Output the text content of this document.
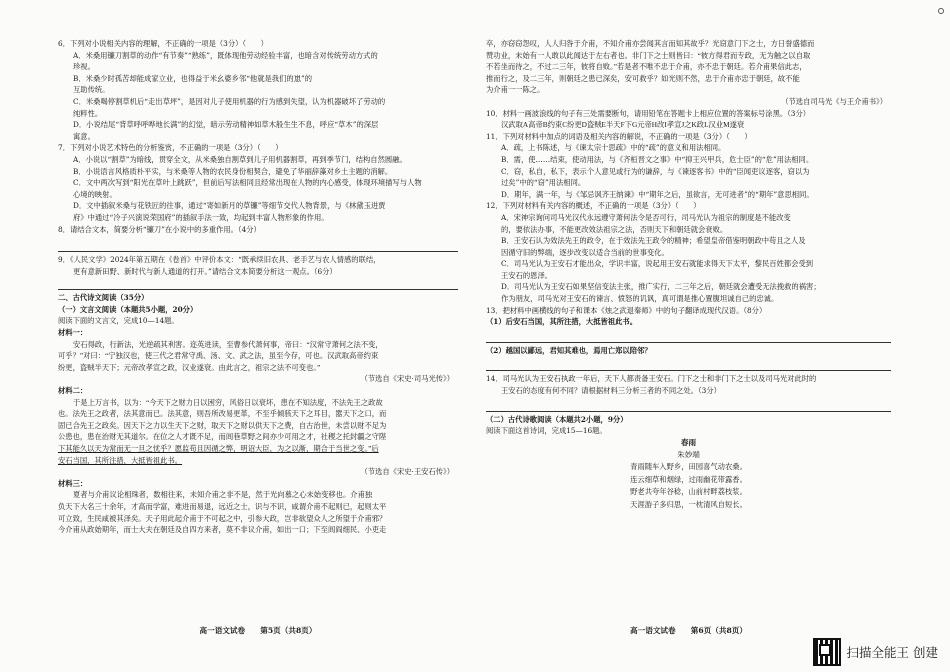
6．下列对小说相关内容的理解，不正确的一项是（3分）（　　）
A．米桑用镰刀割草的动作“有节奏”“熟练”，既体现他劳动经验丰富，也暗含对传统劳动方式的
珍视。
B．米桑少时孤苦却能成家立业，也得益于米幺婆乡邻“他就是我们的崽”的
互助传统。
C．米桑喝停割草机后“走出草坪”，是因对儿子使用机器的行为感到失望，认为机器破坏了劳动的
纯粹性。
D．小说结尾“背草呼呼哗地长满”的幻觉，暗示劳动精神如草木般生生不息，呼应“草木”的深层
寓意。
7．下列对小说艺术特色的分析鉴赏，不正确的一项是（3分）（　　）
A．小说以“割草”为暗线，贯穿全文，从米桑独自割草到儿子用机器割草，再到季节门，结构自然圆融。
B．小说语言风格质朴平实，与米桑等人物的农民身份相契合，避免了华丽辞藻对乡土主题的消解。
C．文中两次写到“阳光在草叶上跳跃”，但前后写法相同且经常出现在人物的内心感受，体现环境描写与人物
心境的映射。
D．文中插叙米桑与花铁匠的往事，通过“寄如新月的草镰”等细节交代人物背景，与《林黛玉进贾
府》中通过“冷子兴演说荣国府”的插叙手法一致，均起到丰富人物形象的作用。
8．请结合文本，简要分析“镰刀”在小说中的多重作用。（4分）
9．《人民文学》2024年第五期在《卷首》中评价本文：“既承续旧农具、老手艺与农人情感的联结，
更有意新田野、新时代与新人通道的打开。”请结合文本简要分析这一观点。（6分）
二、古代诗文阅读（35分）
（一）文言文阅读（本题共5小题，20分）
阅读下面的文言文，完成10—14题。
材料一：
安石得政，行新法，光逆疏其利害。迩英进读，至曹参代萧何事，帝曰：“汉常守萧何之法不变，
可乎？”对曰：“宁独汉也，使三代之君常守禹、汤、文、武之法，虽至今存，可也。汉武取高帝约束
纷更，盗贼半天下；元帝改孝宣之政，汉业遂衰。由此言之，祖宗之法不可变也。”
（节选自《宋史·司马光传》）
材料二：
于是上万言书，以为：“今天下之财力日以困穷，风俗日以衰坏，患在不知法度，不法先王之政故
也。法先王之政者，法其意而已。法其意，则吾所改易更革，不至乎倾骇天下之耳目，嚣天下之口，而
固已合先王之政矣。因天下之力以生天下之财，取天下之财以供天下之费，自古治世，未尝以财不足为
公患也，患在治财无其道尔。在位之人才既不足，而闾巷草野之间亦少可用之才，社稷之托封疆之守陛
下其能久以天为常而无一旦之忧乎？愿监苟且因循之弊，明诏大臣，为之以渐，期合于当世之变。”后
安石当国，其所注措，大抵皆祖此书。
（节选自《宋史·王安石传》）
材料三：
夏者与介甫议论相珠者，数相往来，未知介甫之非不是，然于光向慕之心未始变移也。介甫独
负天下大名三十余年，才高而学富，难进而易退，远近之士，识与不识，咸谓介甫不起则已，起则太平
可立致，生民咸被其泽矣。天子用此起介甫于不可起之中，引参大政，岂非欲望众人之所望于介甫邪？
今介甫从政始期年，而士大夫在朝廷及自四方来者，莫不非议介甫，如出一口；下至闾阎细民、小吏走
高一语文试卷　　第5页（共8页）
卒，亦窃窃怨叹，人人归咎于介甫，不知介甫亦尝闻其言而知其故乎？光窃意门下之士，方日誉盛德而
赞功业，未始有一人敢以此闻达于左右者也。非门下之士则皆曰：“彼方得君而专政，无为触之以自取
不若坐而待之，不过二三年，彼将自败。”若是者不唯不忠于介甫，亦不忠于朝廷。若介甫果信此志，
推而行之，及二三年，则朝廷之患已深矣，安可救乎？如光则不然，忠于介甫亦忠于朝廷，故不能
为介甫一一陈之。
（节选自司马光《与王介甫书》）
10．材料一画波浪线的句子有三处需要断句，请用铅笔在答题卡上相应位置的答案标号涂黑。（3分）
汉武取A高帝B约束C纷更D盗贼E半天F下G元帝H改I孝宣J之K政L汉业M遂衰
11．下列对材料中加点的词语及相关内容的解说，不正确的一项是（3分）（　　）
A．疏，上书陈述，与《谏太宗十思疏》中的“疏”的意义和用法相同。
B．需，使……结束，使动用法，与《齐桓晋文之事》中“抑王兴甲兵，危士臣”的“危”用法相同。
C．窃，私自，私下，表示个人意见或行为的谦辞，与《谏逐客书》中的“臣闻吏议逐客，窃以为
过矣”中的“窃”用法相同。
D．期年，满一年，与《邹忌讽齐王纳谏》中“期年之后，虽欲言，无可进者”的“期年”意思相同。
12．下列对材料有关内容的概述，不正确的一项是（3分）（　　）
A．宋神宗询问司马光汉代永远遵守萧何法令是否可行，司马光认为祖宗的制度是不能改变
的，要依法办事，不能更改效法祖宗之法，否则天下和朝廷就会衰败。
B．王安石认为效法先王的政令，在于效法先王政令的精神；希望皇帝借鉴明朝政中苟且之人及
因循守旧的弊端，逐步改变以适合当前的世事变化。
C．司马光认为王安石才能出众，学识丰富，说起用王安石就能求得天下太平，黎民百姓都会受到
王安石的恩泽。
D．司马光认为王安石如果坚信变法主张，推广实行，二三年之后，朝廷就会遭受无法挽救的祸害；
作为朋友，司马光对王安石的谏言、愤怒的讥讽，真可谓是推心置腹坦诚自己的忠诚。
13．把材料中画横线的句子和课本《烛之武退秦师》中的句子翻译成现代汉语。（8分）
（1）后安石当国，其所注措，大抵皆祖此书。
（2）越国以鄙远，君知其难也，焉用亡郑以陪邻？
14．司马光认为王安石执政一年后，天下人都责备王安石。门下之士和非门下之士以及司马光对此时的
王安石的态度有何不同？请根据材料三分析三者的不同之处。（3分）
（二）古代诗歌阅读（本题共2小题，9分）
阅读下面这首诗词，完成15—16题。
春雨
朱妙端
青雨随车入野乡，田园喜气动农桑。
连云细草和烟绿，过雨幽花带露香。
野老共夸年谷稔，山前村畔荔枝浆。
天涯游子多归思，一枕清风自短长。
高一语文试卷　　第6页（共8页）
扫描全能王 创建
